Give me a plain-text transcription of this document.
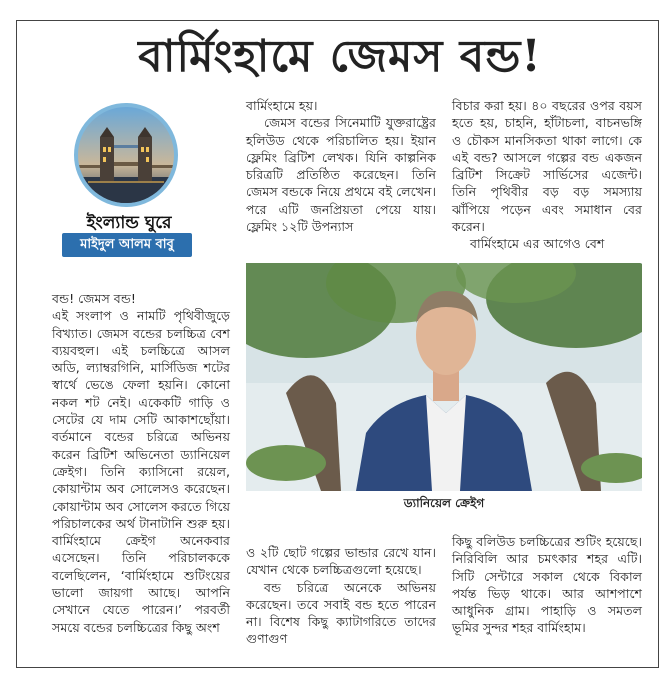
বার্মিংহামে জেমস বন্ড!
ইংল্যান্ড ঘুরে
মাইদুল আলম বাবু
বন্ড! জেমস বন্ড!
এই সংলাপ ও নামটি পৃথিবীজুড়ে বিখ্যাত। জেমস বন্ডের চলচ্চিত্র বেশ ব্যয়বহুল। এই চলচ্চিত্রে আসল অডি, ল্যাম্বরগিনি, মার্সিডিজ শটের স্বার্থে ভেঙে ফেলা হয়নি। কোনো নকল শট নেই। একেকটি গাড়ি ও সেটের যে দাম সেটি আকাশছোঁয়া। বর্তমানে বন্ডের চরিত্রে অভিনয় করেন ব্রিটিশ অভিনেতা ড্যানিয়েল ক্রেইগ। তিনি ক্যাসিনো রয়েল, কোয়ান্টাম অব সোলেসও করেছেন। কোয়ান্টাম অব সোলেস করতে গিয়ে পরিচালকের অর্থ টানাটানি শুরু হয়। বার্মিংহামে ক্রেইগ অনেকবার এসেছেন। তিনি পরিচালককে বলেছিলেন, ‘বার্মিংহামে শুটিংয়ের ভালো জায়গা আছে। আপনি সেখানে যেতে পারেন।’ পরবর্তী সময়ে বন্ডের চলচ্চিত্রের কিছু অংশ
বার্মিংহামে হয়।
জেমস বন্ডের সিনেমাটি যুক্তরাষ্ট্রের হলিউড থেকে পরিচালিত হয়। ইয়ান ফ্লেমিং ব্রিটিশ লেখক। যিনি কাল্পনিক চরিত্রটি প্রতিষ্ঠিত করেছেন। তিনি জেমস বন্ডকে নিয়ে প্রথমে বই লেখেন। পরে এটি জনপ্রিয়তা পেয়ে যায়। ফ্লেমিং ১২টি উপন্যাস
বিচার করা হয়। ৪০ বছরের ওপর বয়স হতে হয়, চাহনি, হাঁটাচলা, বাচনভঙ্গি ও চৌকস মানসিকতা থাকা লাগে। কে এই বন্ড? আসলে গল্পের বন্ড একজন ব্রিটিশ সিক্রেট সার্ভিসের এজেন্ট। তিনি পৃথিবীর বড় বড় সমস্যায় ঝাঁপিয়ে পড়েন এবং সমাধান বের করেন।
বার্মিংহামে এর আগেও বেশ
ড্যানিয়েল ক্রেইগ
ও ২টি ছোট গল্পের ভান্ডার রেখে যান। যেখান থেকে চলচ্চিত্রগুলো হয়েছে।
বন্ড চরিত্রে অনেকে অভিনয় করেছেন। তবে সবাই বন্ড হতে পারেন না। বিশেষ কিছু ক্যাটাগরিতে তাদের গুণাগুণ
কিছু বলিউড চলচ্চিত্রের শুটিং হয়েছে। নিরিবিলি আর চমৎকার শহর এটি। সিটি সেন্টারে সকাল থেকে বিকাল পর্যন্ত ভিড় থাকে। আর আশপাশে আধুনিক গ্রাম। পাহাড়ি ও সমতল ভূমির সুন্দর শহর বার্মিংহাম।
